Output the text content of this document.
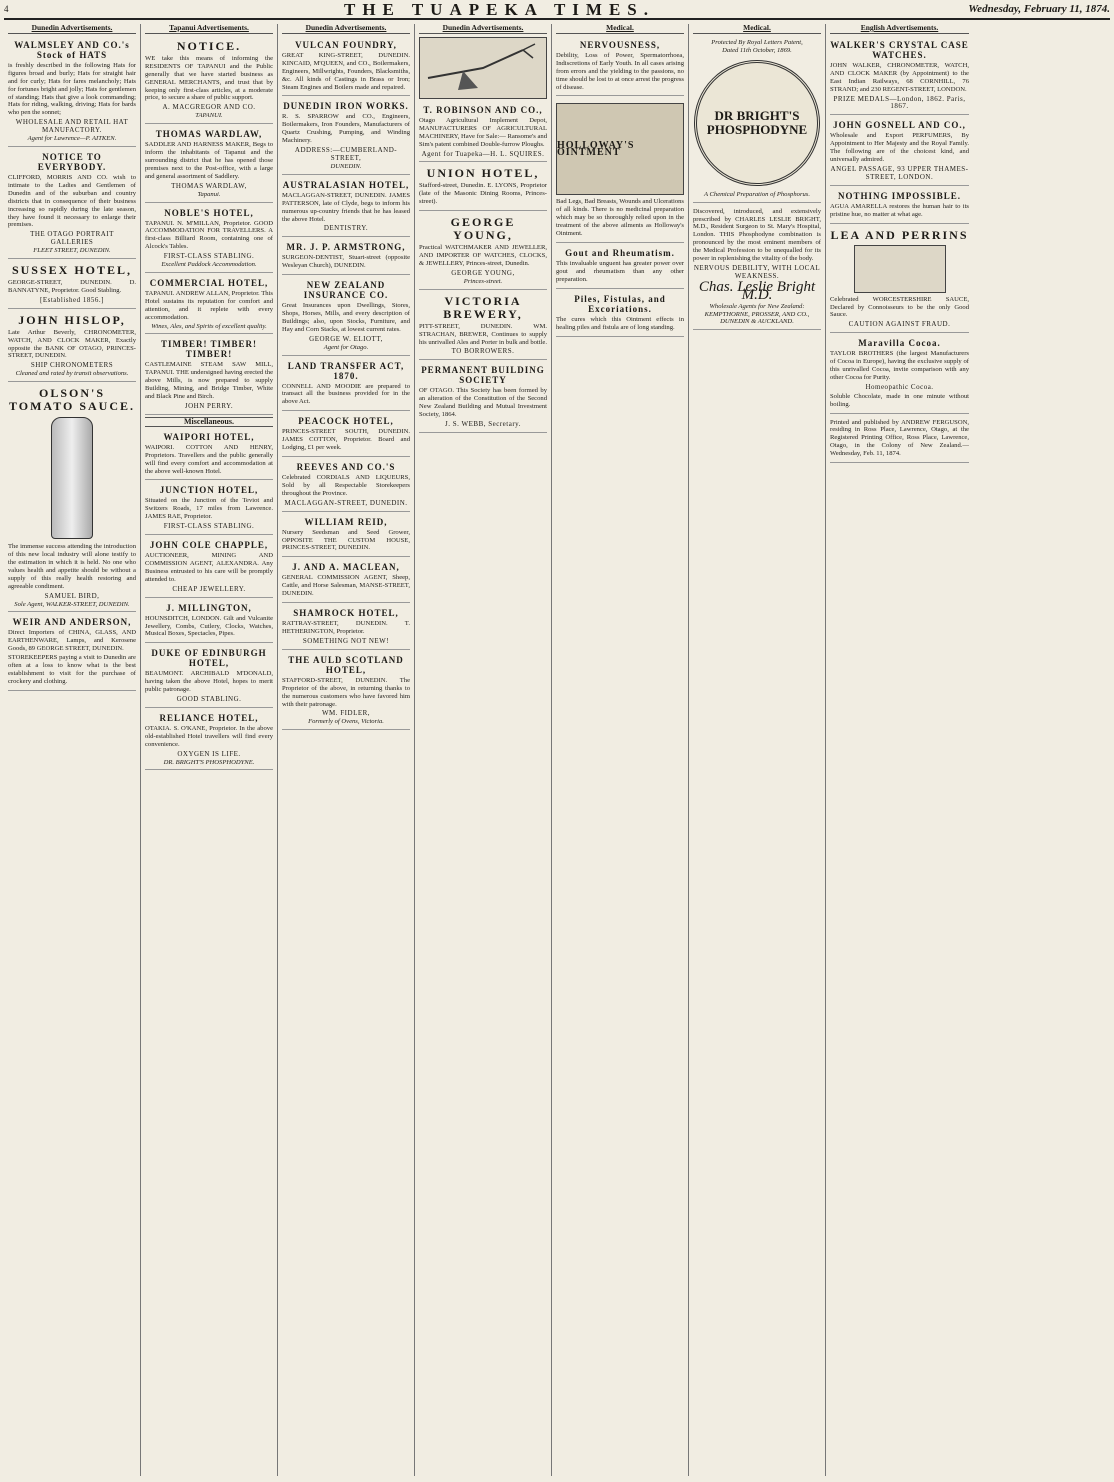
4	THE TUAPEKA TIMES.	Wednesday, February 11, 1874.
Dunedin Advertisements.
WALMSLEY AND CO.'s Stock of HATS
is freshly described in the following Hats for figures broad and burly; Hats for straight hair and for curly; Hats for fares melancholy; Hats for fortunes bright and jolly; Hats for gentlemen of standing; Hats that give a look commanding; Hats for riding, walking, driving; Hats for bards who pen the sonnet;
WHOLESALE AND RETAIL HAT MANUFACTORY.
Agent for Lawrence—P. AITKEN.
NOTICE TO EVERYBODY.
CLIFFORD, MORRIS AND CO. wish to intimate to the Ladies and Gentlemen of Dunedin and of the suburban and country districts that in consequence of their business increasing so rapidly during the late season, they have found it necessary to enlarge their premises.
THE OTAGO PORTRAIT GALLERIES
FLEET STREET, DUNEDIN.
SUSSEX HOTEL,
GEORGE-STREET, DUNEDIN. D. BANNATYNE, Proprietor. Good Stabling.
[Established 1856.]
JOHN HISLOP,
Late Arthur Beverly, CHRONOMETER, WATCH, AND CLOCK MAKER, Exactly opposite the BANK OF OTAGO, PRINCES-STREET, DUNEDIN.
SHIP CHRONOMETERS
Cleaned and rated by transit observations.
OLSON'S TOMATO SAUCE.
The immense success attending the introduction of this new local industry will alone testify to the estimation in which it is held. No one who values health and appetite should be without a supply of this really health restoring and agreeable condiment.
SAMUEL BIRD,
Sole Agent, WALKER-STREET, DUNEDIN.
WEIR AND ANDERSON,
Direct Importers of CHINA, GLASS, AND EARTHENWARE, Lamps, and Kerosene Goods, 89 GEORGE STREET, DUNEDIN.
STOREKEEPERS paying a visit to Dunedin are often at a loss to know what is the best establishment to visit for the purchase of crockery and clothing.
Tapanui Advertisements.
NOTICE.
WE take this means of informing the RESIDENTS OF TAPANUI and the Public generally that we have started business as GENERAL MERCHANTS, and trust that by keeping only first-class articles, at a moderate price, to secure a share of public support.
A. MACGREGOR AND CO.
TAPANUI.
THOMAS WARDLAW,
SADDLER AND HARNESS MAKER, Begs to inform the inhabitants of Tapanui and the surrounding district that he has opened those premises next to the Post-office, with a large and general assortment of Saddlery.
THOMAS WARDLAW,
Tapanui.
NOBLE'S HOTEL,
TAPANUI. N. M'MILLAN, Proprietor. GOOD ACCOMMODATION FOR TRAVELLERS. A first-class Billiard Room, containing one of Alcock's Tables.
FIRST-CLASS STABLING.
Excellent Paddock Accommodation.
COMMERCIAL HOTEL,
TAPANUI. ANDREW ALLAN, Proprietor. This Hotel sustains its reputation for comfort and attention, and it replete with every accommodation.
Wines, Ales, and Spirits of excellent quality.
TIMBER! TIMBER! TIMBER!
CASTLEMAINE STEAM SAW MILL, TAPANUI. THE undersigned having erected the above Mills, is now prepared to supply Building, Mining, and Bridge Timber, White and Black Pine and Birch.
JOHN PERRY.
Miscellaneous.
WAIPORI HOTEL,
WAIPORI. COTTON AND HENRY, Proprietors. Travellers and the public generally will find every comfort and accommodation at the above well-known Hotel.
JUNCTION HOTEL,
Situated on the Junction of the Teviot and Switzers Roads, 17 miles from Lawrence. JAMES RAE, Proprietor.
FIRST-CLASS STABLING.
JOHN COLE CHAPPLE,
AUCTIONEER, MINING AND COMMISSION AGENT, ALEXANDRA. Any Business entrusted to his care will be promptly attended to.
CHEAP JEWELLERY.
J. MILLINGTON,
HOUNSDITCH, LONDON. Gilt and Vulcanite Jewellery, Combs, Cutlery, Clocks, Watches, Musical Boxes, Spectacles, Pipes.
DUKE OF EDINBURGH HOTEL,
BEAUMONT. ARCHIBALD M'DONALD, having taken the above Hotel, hopes to merit public patronage.
GOOD STABLING.
RELIANCE HOTEL,
OTAKIA. S. O'KANE, Proprietor. In the above old-established Hotel travellers will find every convenience.
OXYGEN IS LIFE.
DR. BRIGHT'S PHOSPHODYNE.
Dunedin Advertisements.
VULCAN FOUNDRY,
GREAT KING-STREET, DUNEDIN. KINCAID, M'QUEEN, and CO., Boilermakers, Engineers, Millwrights, Founders, Blacksmiths, &c. All kinds of Castings in Brass or Iron; Steam Engines and Boilers made and repaired.
DUNEDIN IRON WORKS.
R. S. SPARROW and CO., Engineers, Boilermakers, Iron Founders, Manufacturers of Quartz Crushing, Pumping, and Winding Machinery.
ADDRESS:—CUMBERLAND-STREET,
DUNEDIN.
AUSTRALASIAN HOTEL,
MACLAGGAN-STREET, DUNEDIN. JAMES PATTERSON, late of Clyde, begs to inform his numerous up-country friends that he has leased the above Hotel.
DENTISTRY.
MR. J. P. ARMSTRONG,
SURGEON-DENTIST, Stuart-street (opposite Wesleyan Church), DUNEDIN.
NEW ZEALAND INSURANCE CO.
Great Insurances upon Dwellings, Stores, Shops, Horses, Mills, and every description of Buildings; also, upon Stocks, Furniture, and Hay and Corn Stacks, at lowest current rates.
GEORGE W. ELIOTT,
Agent for Otago.
LAND TRANSFER ACT, 1870.
CONNELL AND MOODIE are prepared to transact all the business provided for in the above Act.
PEACOCK HOTEL,
PRINCES-STREET SOUTH, DUNEDIN. JAMES COTTON, Proprietor. Board and Lodging, £1 per week.
REEVES AND CO.'S
Celebrated CORDIALS AND LIQUEURS, Sold by all Respectable Storekeepers throughout the Province.
MACLAGGAN-STREET, DUNEDIN.
WILLIAM REID,
Nursery Seedsman and Seed Grower, OPPOSITE THE CUSTOM HOUSE, PRINCES-STREET, DUNEDIN.
J. AND A. MACLEAN,
GENERAL COMMISSION AGENT, Sheep, Cattle, and Horse Salesman, MANSE-STREET, DUNEDIN.
SHAMROCK HOTEL,
RATTRAY-STREET, DUNEDIN. T. HETHERINGTON, Proprietor.
SOMETHING NOT NEW!
THE AULD SCOTLAND HOTEL,
STAFFORD-STREET, DUNEDIN. The Proprietor of the above, in returning thanks to the numerous customers who have favored him with their patronage.
WM. FIDLER,
Formerly of Ovens, Victoria.
Dunedin Advertisements.
T. ROBINSON AND CO.,
Otago Agricultural Implement Depot, MANUFACTURERS OF AGRICULTURAL MACHINERY, Have for Sale:— Ransome's and Sim's patent combined Double-furrow Ploughs.
Agent for Tuapeka—H. L. SQUIRES.
UNION HOTEL,
Stafford-street, Dunedin. E. LYONS, Proprietor (late of the Masonic Dining Rooms, Princes-street).
GEORGE YOUNG,
Practical WATCHMAKER AND JEWELLER, AND IMPORTER OF WATCHES, CLOCKS, & JEWELLERY, Princes-street, Dunedin.
GEORGE YOUNG,
Princes-street.
VICTORIA BREWERY,
PITT-STREET, DUNEDIN. WM. STRACHAN, BREWER, Continues to supply his unrivalled Ales and Porter in bulk and bottle.
TO BORROWERS.
PERMANENT BUILDING SOCIETY
OF OTAGO. This Society has been formed by an alteration of the Constitution of the Second New Zealand Building and Mutual Investment Society, 1864.
J. S. WEBB, Secretary.
Medical.
NERVOUSNESS,
Debility, Loss of Power, Spermatorrhoea, Indiscretions of Early Youth. In all cases arising from errors and the yielding to the passions, no time should be lost to at once arrest the progress of disease.
HOLLOWAY'S OINTMENT
Bad Legs, Bad Breasts, Wounds and Ulcerations of all kinds. There is no medicinal preparation which may be so thoroughly relied upon in the treatment of the above ailments as Holloway's Ointment.
Gout and Rheumatism.
This invaluable unguent has greater power over gout and rheumatism than any other preparation.
Piles, Fistulas, and Excoriations.
The cures which this Ointment effects in healing piles and fistula are of long standing.
Medical.
Protected By Royal Letters Patent,
Dated 11th October, 1869.
DR BRIGHT'S PHOSPHODYNE
A Chemical Preparation of Phosphorus.
Discovered, introduced, and extensively prescribed by CHARLES LESLIE BRIGHT, M.D., Resident Surgeon to St. Mary's Hospital, London. THIS Phosphodyne combination is pronounced by the most eminent members of the Medical Profession to be unequalled for its power in replenishing the vitality of the body.
NERVOUS DEBILITY, WITH LOCAL WEAKNESS.
Chas. Leslie Bright M.D.
Wholesale Agents for New Zealand: KEMPTHORNE, PROSSER, AND CO., DUNEDIN & AUCKLAND.
English Advertisements.
WALKER'S CRYSTAL CASE WATCHES.
JOHN WALKER, CHRONOMETER, WATCH, AND CLOCK MAKER (by Appointment) to the East Indian Railways, 68 CORNHILL, 76 STRAND; and 230 REGENT-STREET, LONDON.
PRIZE MEDALS—London, 1862. Paris, 1867.
JOHN GOSNELL AND CO.,
Wholesale and Export PERFUMERS, By Appointment to Her Majesty and the Royal Family. The following are of the choicest kind, and universally admired.
ANGEL PASSAGE, 93 UPPER THAMES-STREET, LONDON.
NOTHING IMPOSSIBLE.
AGUA AMARELLA restores the human hair to its pristine hue, no matter at what age.
LEA AND PERRINS
Celebrated WORCESTERSHIRE SAUCE, Declared by Connoisseurs to be the only Good Sauce.
CAUTION AGAINST FRAUD.
Maravilla Cocoa.
TAYLOR BROTHERS (the largest Manufacturers of Cocoa in Europe), having the exclusive supply of this unrivalled Cocoa, invite comparison with any other Cocoa for Purity.
Homeopathic Cocoa.
Soluble Chocolate, made in one minute without boiling.
Printed and published by ANDREW FERGUSON, residing in Ross Place, Lawrence, Otago, at the Registered Printing Office, Ross Place, Lawrence, Otago, in the Colony of New Zealand.—Wednesday, Feb. 11, 1874.
